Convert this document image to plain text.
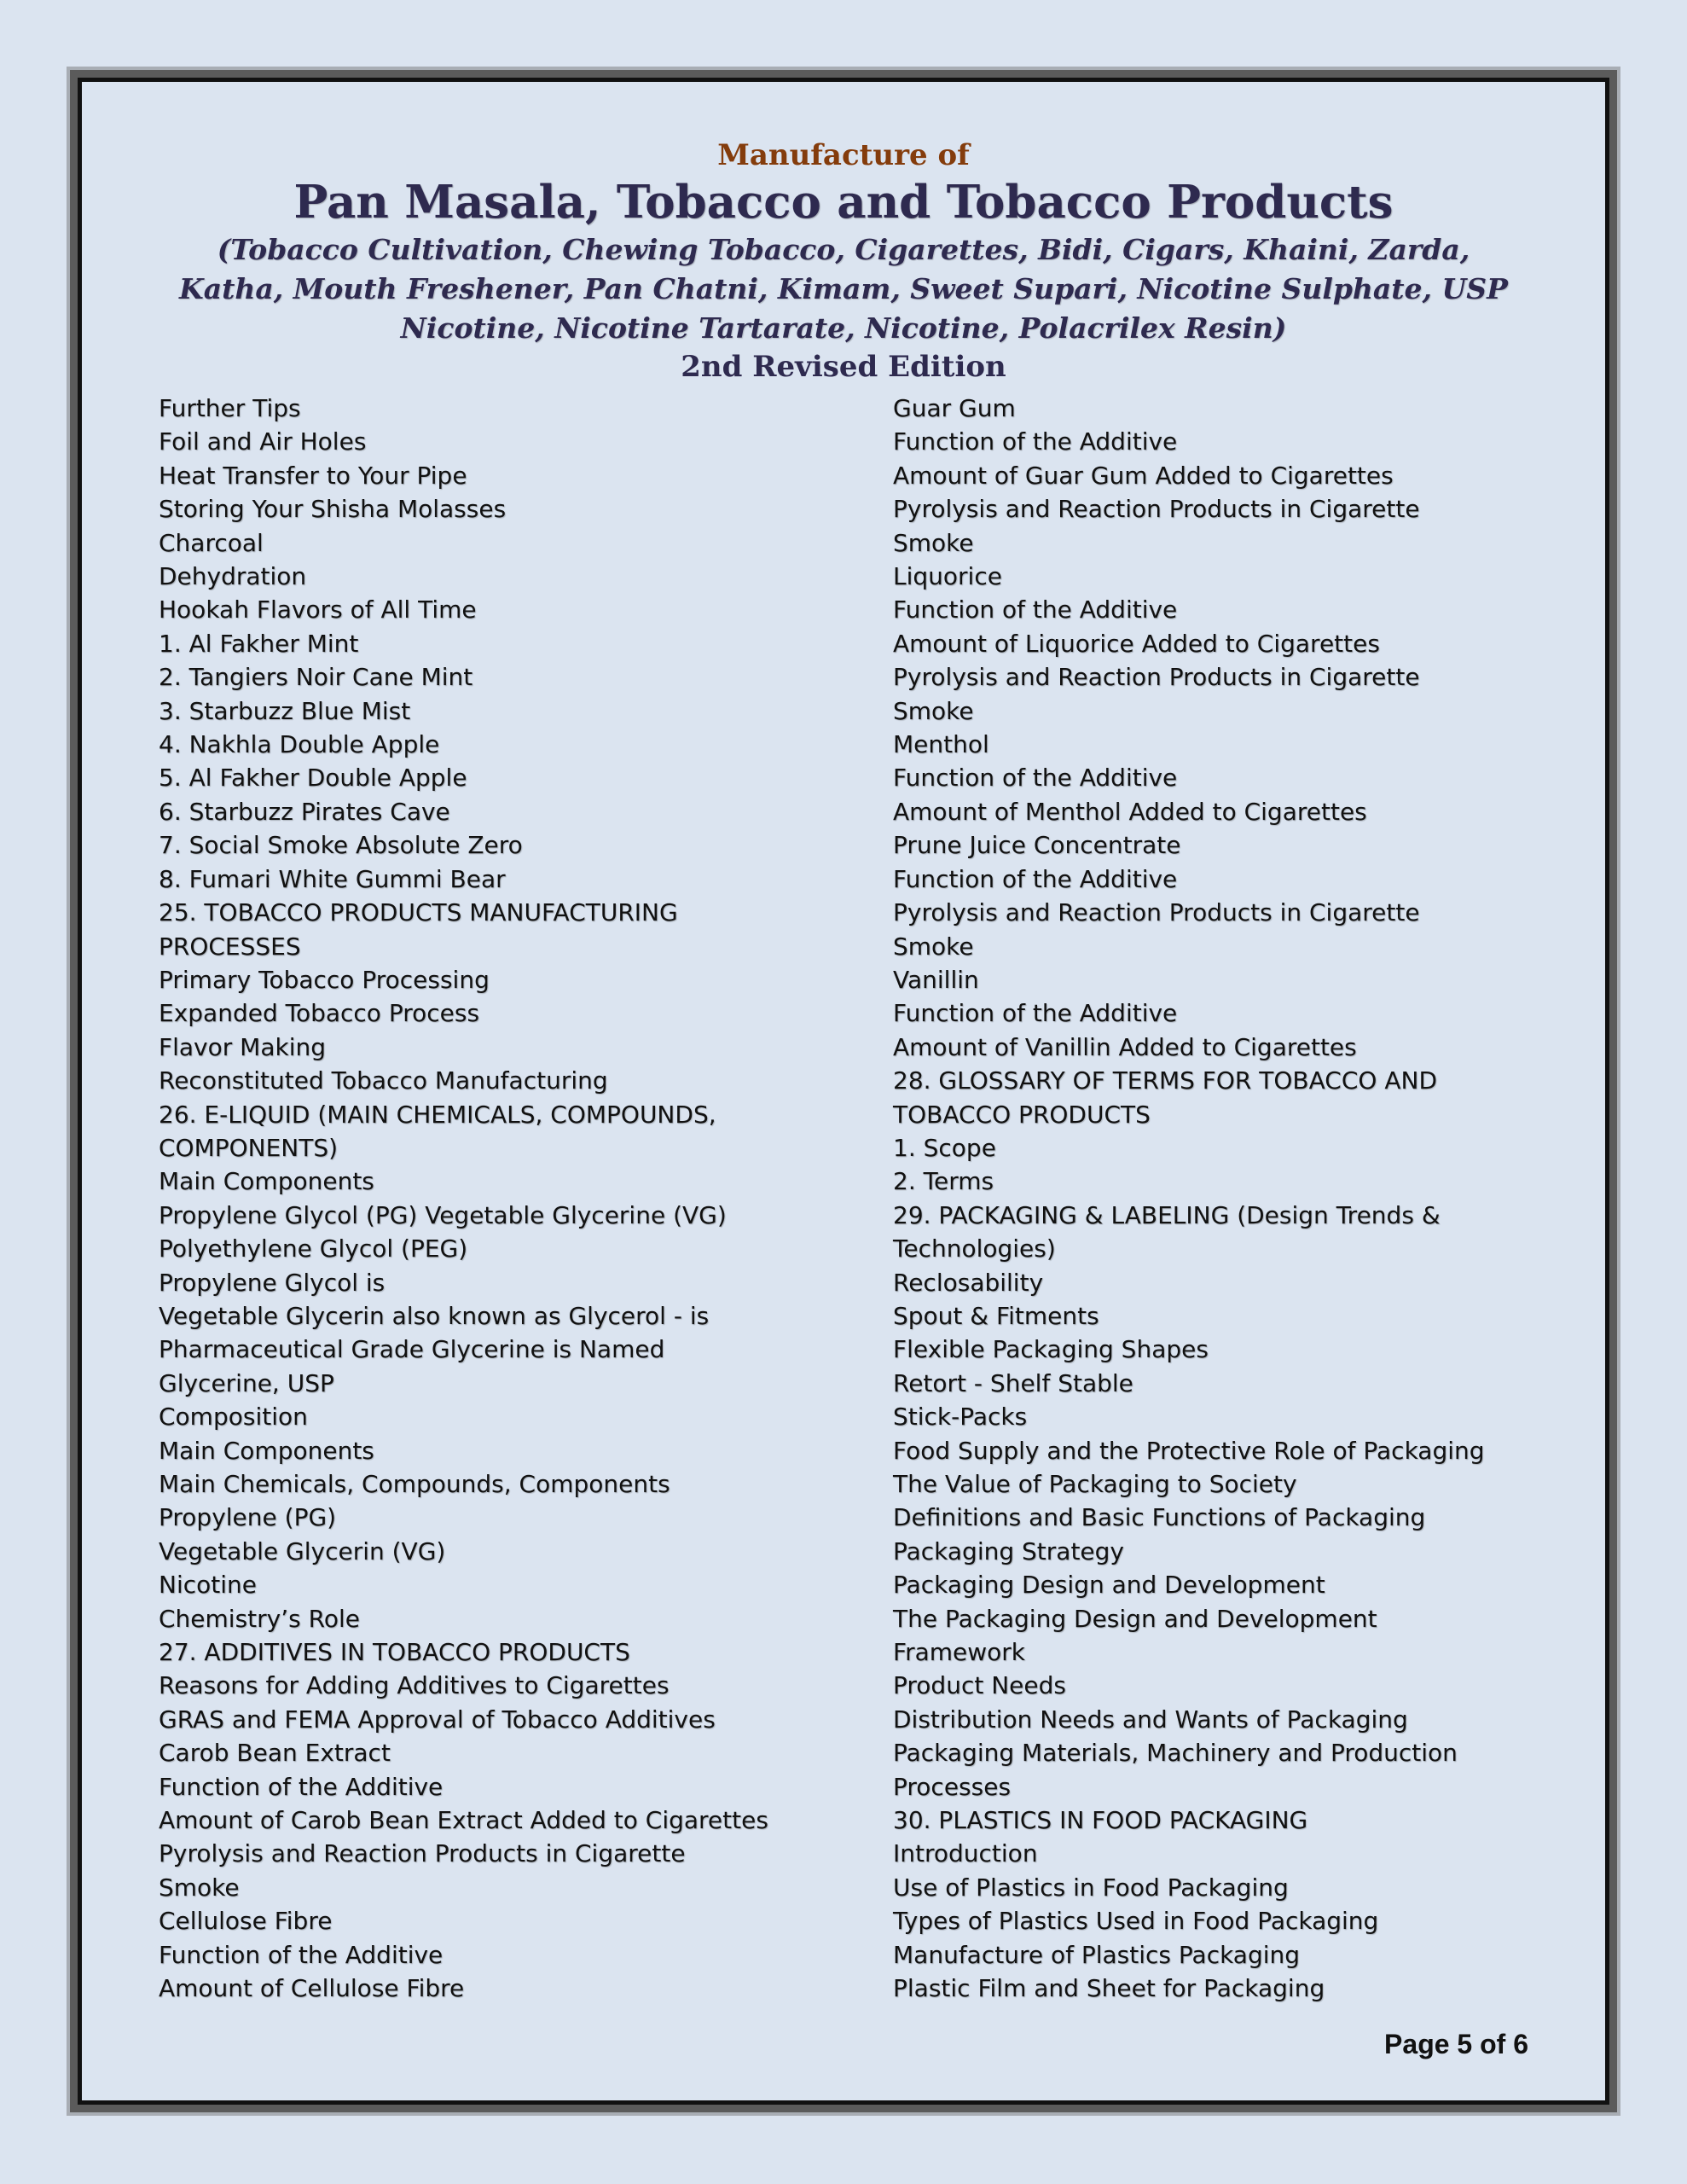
Manufacture of

Pan Masala, Tobacco and Tobacco Products

(Tobacco Cultivation, Chewing Tobacco, Cigarettes, Bidi, Cigars, Khaini, Zarda, Katha, Mouth Freshener, Pan Chatni, Kimam, Sweet Supari, Nicotine Sulphate, USP Nicotine, Nicotine Tartarate, Nicotine, Polacrilex Resin)

2nd Revised Edition

Further Tips
Foil and Air Holes
Heat Transfer to Your Pipe
Storing Your Shisha Molasses
Charcoal
Dehydration
Hookah Flavors of All Time
1. Al Fakher Mint
2. Tangiers Noir Cane Mint
3. Starbuzz Blue Mist
4. Nakhla Double Apple
5. Al Fakher Double Apple
6. Starbuzz Pirates Cave
7. Social Smoke Absolute Zero
8. Fumari White Gummi Bear
25. TOBACCO PRODUCTS MANUFACTURING
PROCESSES
Primary Tobacco Processing
Expanded Tobacco Process
Flavor Making
Reconstituted Tobacco Manufacturing
26. E-LIQUID (MAIN CHEMICALS, COMPOUNDS,
COMPONENTS)
Main Components
Propylene Glycol (PG) Vegetable Glycerine (VG)
Polyethylene Glycol (PEG)
Propylene Glycol is
Vegetable Glycerin also known as Glycerol - is
Pharmaceutical Grade Glycerine is Named
Glycerine, USP
Composition
Main Components
Main Chemicals, Compounds, Components
Propylene (PG)
Vegetable Glycerin (VG)
Nicotine
Chemistry’s Role
27. ADDITIVES IN TOBACCO PRODUCTS
Reasons for Adding Additives to Cigarettes
GRAS and FEMA Approval of Tobacco Additives
Carob Bean Extract
Function of the Additive
Amount of Carob Bean Extract Added to Cigarettes
Pyrolysis and Reaction Products in Cigarette
Smoke
Cellulose Fibre
Function of the Additive
Amount of Cellulose Fibre
Guar Gum
Function of the Additive
Amount of Guar Gum Added to Cigarettes
Pyrolysis and Reaction Products in Cigarette
Smoke
Liquorice
Function of the Additive
Amount of Liquorice Added to Cigarettes
Pyrolysis and Reaction Products in Cigarette
Smoke
Menthol
Function of the Additive
Amount of Menthol Added to Cigarettes
Prune Juice Concentrate
Function of the Additive
Pyrolysis and Reaction Products in Cigarette
Smoke
Vanillin
Function of the Additive
Amount of Vanillin Added to Cigarettes
28. GLOSSARY OF TERMS FOR TOBACCO AND
TOBACCO PRODUCTS
1. Scope
2. Terms
29. PACKAGING & LABELING (Design Trends &
Technologies)
Reclosability
Spout & Fitments
Flexible Packaging Shapes
Retort - Shelf Stable
Stick-Packs
Food Supply and the Protective Role of Packaging
The Value of Packaging to Society
Definitions and Basic Functions of Packaging
Packaging Strategy
Packaging Design and Development
The Packaging Design and Development
Framework
Product Needs
Distribution Needs and Wants of Packaging
Packaging Materials, Machinery and Production
Processes
30. PLASTICS IN FOOD PACKAGING
Introduction
Use of Plastics in Food Packaging
Types of Plastics Used in Food Packaging
Manufacture of Plastics Packaging
Plastic Film and Sheet for Packaging

Page 5 of 6
